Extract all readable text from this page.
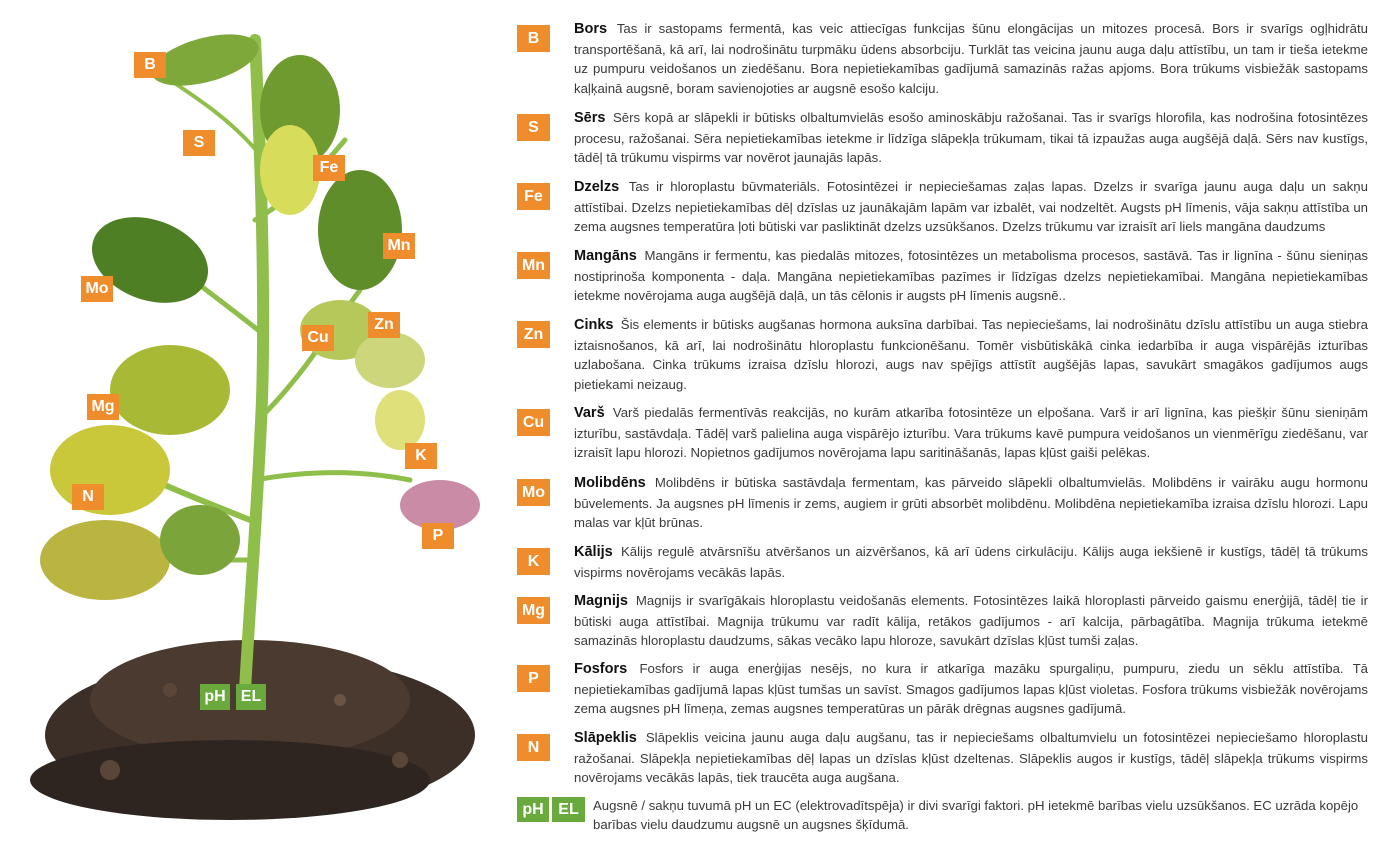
B
S
Fe
Mn
Mo
Zn
Cu
Mg
K
N
P
pH EL
B
Bors Tas ir sastopams fermentā, kas veic attiecīgas funkcijas šūnu elongācijas un mitozes procesā. Bors ir svarīgs ogļhidrātu transportēšanā, kā arī, lai nodrošinātu turpmāku ūdens absorbciju. Turklāt tas veicina jaunu auga daļu attīstību, un tam ir tieša ietekme uz pumpuru veidošanos un ziedēšanu. Bora nepietiekamības gadījumā samazinās ražas apjoms. Bora trūkums visbiežāk sastopams kaļķainā augsnē, boram savienojoties ar augsnē esošo kalciju.
S
Sērs Sērs kopā ar slāpekli ir būtisks olbaltumvielās esošo aminoskābju ražošanai. Tas ir svarīgs hlorofila, kas nodrošina fotosintēzes procesu, ražošanai. Sēra nepietiekamības ietekme ir līdzīga slāpekļa trūkumam, tikai tā izpaužas auga augšējā daļā. Sērs nav kustīgs, tādēļ tā trūkumu vispirms var novērot jaunajās lapās.
Fe
Dzelzs Tas ir hloroplastu būvmateriāls. Fotosintēzei ir nepieciešamas zaļas lapas. Dzelzs ir svarīga jaunu auga daļu un sakņu attīstībai. Dzelzs nepietiekamības dēļ dzīslas uz jaunākajām lapām var izbalēt, vai nodzeltēt. Augsts pH līmenis, vāja sakņu attīstība un zema augsnes temperatūra ļoti būtiski var pasliktināt dzelzs uzsūkšanos. Dzelzs trūkumu var izraisīt arī liels mangāna daudzums
Mn
Mangāns Mangāns ir fermentu, kas piedalās mitozes, fotosintēzes un metabolisma procesos, sastāvā. Tas ir lignīna - šūnu sieniņas nostiprinoša komponenta - daļa. Mangāna nepietiekamības pazīmes ir līdzīgas dzelzs nepietiekamībai. Mangāna nepietiekamības ietekme novērojama auga augšējā daļā, un tās cēlonis ir augsts pH līmenis augsnē..
Zn
Cinks Šis elements ir būtisks augšanas hormona auksīna darbībai. Tas nepieciešams, lai nodrošinātu dzīslu attīstību un auga stiebra iztaisnošanos, kā arī, lai nodrošinātu hloroplastu funkcionēšanu. Tomēr visbūtiskākā cinka iedarbība ir auga vispārējās izturības uzlabošana. Cinka trūkums izraisa dzīslu hlorozi, augs nav spējīgs attīstīt augšējās lapas, savukārt smagākos gadījumos augs pietiekami neizaug.
Cu
Varš Varš piedalās fermentīvās reakcijās, no kurām atkarība fotosintēze un elpošana. Varš ir arī lignīna, kas piešķir šūnu sieniņām izturību, sastāvdaļa. Tādēļ varš palielina auga vispārējo izturību. Vara trūkums kavē pumpura veidošanos un vienmērīgu ziedēšanu, var izraisīt lapu hlorozi. Nopietnos gadījumos novērojama lapu saritināšanās, lapas kļūst gaiši pelēkas.
Mo
Molibdēns Molibdēns ir būtiska sastāvdaļa fermentam, kas pārveido slāpekli olbaltumvielās. Molibdēns ir vairāku augu hormonu būvelements. Ja augsnes pH līmenis ir zems, augiem ir grūti absorbēt molibdēnu. Molibdēna nepietiekamība izraisa dzīslu hlorozi. Lapu malas var kļūt brūnas.
K
Kālijs Kālijs regulē atvārsnīšu atvēršanos un aizvēršanos, kā arī ūdens cirkulāciju. Kālijs auga iekšienē ir kustīgs, tādēļ tā trūkums vispirms novērojams vecākās lapās.
Mg
Magnijs Magnijs ir svarīgākais hloroplastu veidošanās elements. Fotosintēzes laikā hloroplasti pārveido gaismu enerģijā, tādēļ tie ir būtiski auga attīstībai. Magnija trūkumu var radīt kālija, retākos gadījumos - arī kalcija, pārbagātība. Magnija trūkuma ietekmē samazinās hloroplastu daudzums, sākas vecāko lapu hloroze, savukārt dzīslas kļūst tumši zaļas.
P
Fosfors Fosfors ir auga enerģijas nesējs, no kura ir atkarīga mazāku spurgaliņu, pumpuru, ziedu un sēklu attīstība. Tā nepietiekamības gadījumā lapas kļūst tumšas un savīst. Smagos gadījumos lapas kļūst violetas. Fosfora trūkums visbiežāk novērojams zema augsnes pH līmeņa, zemas augsnes temperatūras un pārāk drēgnas augsnes gadījumā.
N
Slāpeklis Slāpeklis veicina jaunu auga daļu augšanu, tas ir nepieciešams olbaltumvielu un fotosintēzei nepieciešamo hloroplastu ražošanai. Slāpekļa nepietiekamības dēļ lapas un dzīslas kļūst dzeltenas. Slāpeklis augos ir kustīgs, tādēļ slāpekļa trūkums vispirms novērojams vecākās lapās, tiek traucēta auga augšana.
pH EL	Augsnē / sakņu tuvumā pH un EC (elektrovadītspēja) ir divi svarīgi faktori. pH ietekmē barības vielu uzsūkšanos. EC uzrāda kopējo barības vielu daudzumu augsnē un augsnes šķīdumā.
